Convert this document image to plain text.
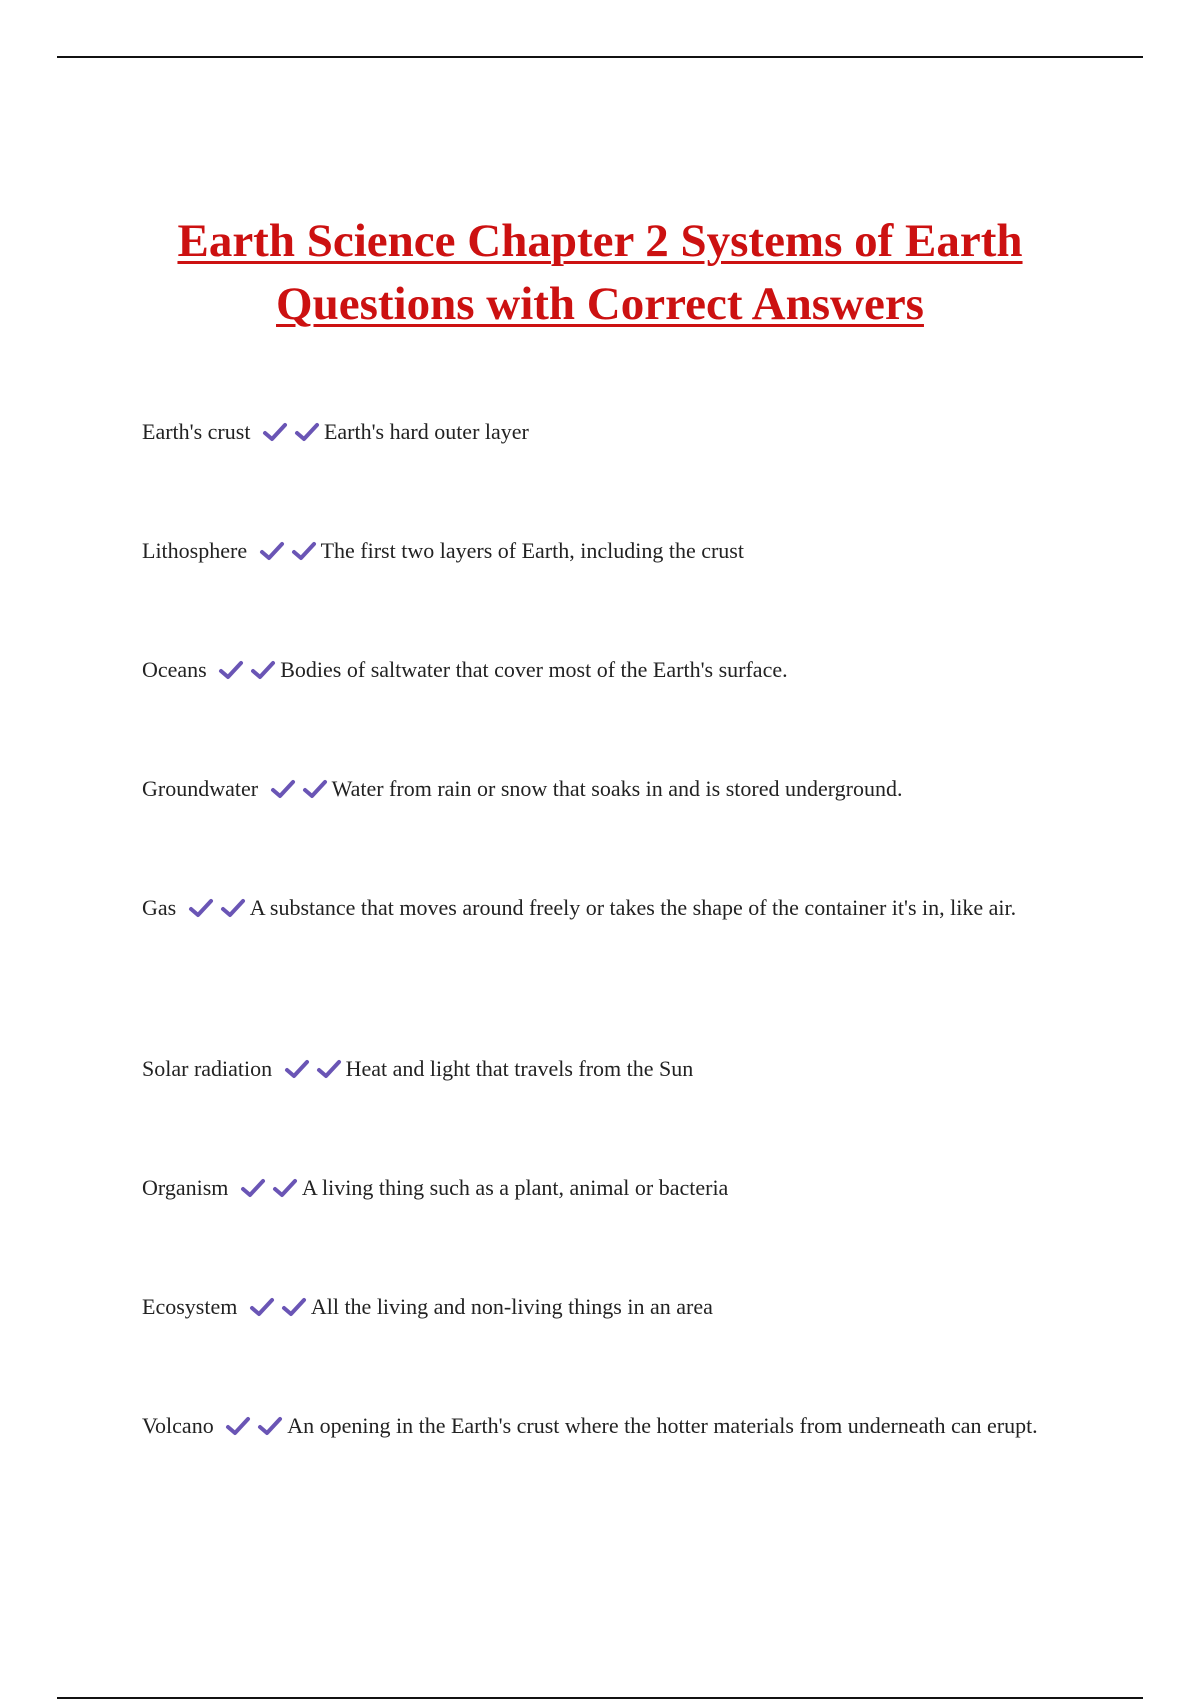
Earth Science Chapter 2 Systems of Earth
Questions with Correct Answers
Earth's crust	Earth's hard outer layer
Lithosphere	The first two layers of Earth, including the crust
Oceans	Bodies of saltwater that cover most of the Earth's surface.
Groundwater	Water from rain or snow that soaks in and is stored underground.
Gas	A substance that moves around freely or takes the shape of the container it's in, like air.
Solar radiation	Heat and light that travels from the Sun
Organism	A living thing such as a plant, animal or bacteria
Ecosystem	All the living and non-living things in an area
Volcano	An opening in the Earth's crust where the hotter materials from underneath can erupt.
